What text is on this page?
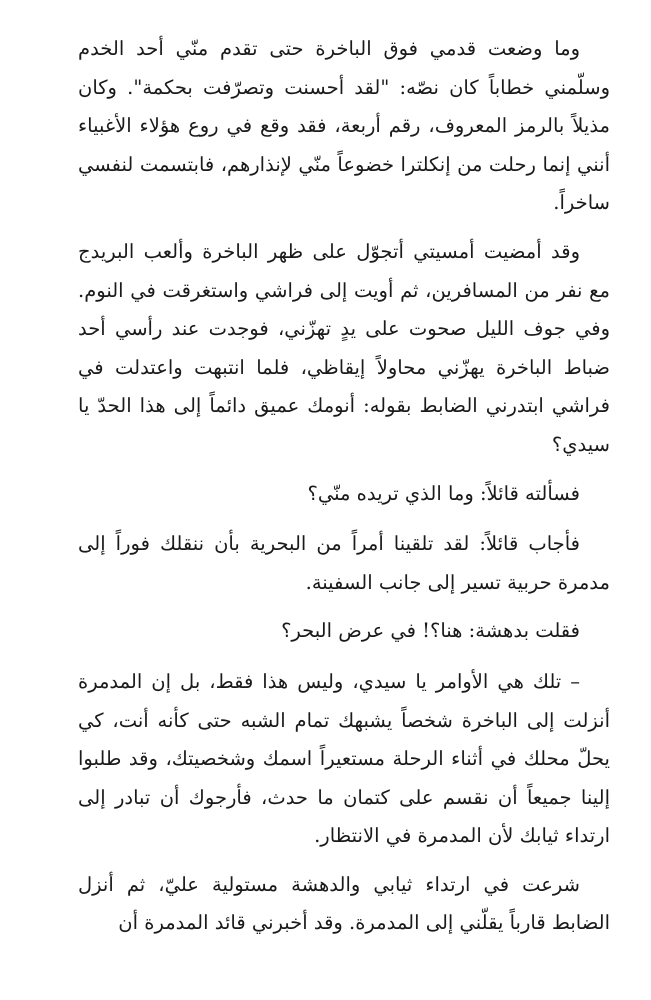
وما وضعت قدمي فوق الباخرة حتى تقدم منّي أحد الخدم وسلّمني خطاباً كان نصّه: "لقد أحسنت وتصرّفت بحكمة". وكان مذيلاً بالرمز المعروف، رقم أربعة، فقد وقع في روع هؤلاء الأغبياء أنني إنما رحلت من إنكلترا خضوعاً منّي لإنذارهم، فابتسمت لنفسي ساخراً.

وقد أمضيت أمسيتي أتجوّل على ظهر الباخرة وألعب البريدج مع نفر من المسافرين، ثم أويت إلى فراشي واستغرقت في النوم. وفي جوف الليل صحوت على يدٍ تهزّني، فوجدت عند رأسي أحد ضباط الباخرة يهزّني محاولاً إيقاظي، فلما انتبهت واعتدلت في فراشي ابتدرني الضابط بقوله: أنومك عميق دائماً إلى هذا الحدّ يا سيدي؟

فسألته قائلاً: وما الذي تريده منّي؟

فأجاب قائلاً: لقد تلقينا أمراً من البحرية بأن ننقلك فوراً إلى مدمرة حربية تسير إلى جانب السفينة.

فقلت بدهشة: هنا؟! في عرض البحر؟

– تلك هي الأوامر يا سيدي، وليس هذا فقط، بل إن المدمرة أنزلت إلى الباخرة شخصاً يشبهك تمام الشبه حتى كأنه أنت، كي يحلّ محلك في أثناء الرحلة مستعيراً اسمك وشخصيتك، وقد طلبوا إلينا جميعاً أن نقسم على كتمان ما حدث، فأرجوك أن تبادر إلى ارتداء ثيابك لأن المدمرة في الانتظار.

شرعت في ارتداء ثيابي والدهشة مستولية عليّ، ثم أنزل الضابط قارباً يقلّني إلى المدمرة. وقد أخبرني قائد المدمرة أن
